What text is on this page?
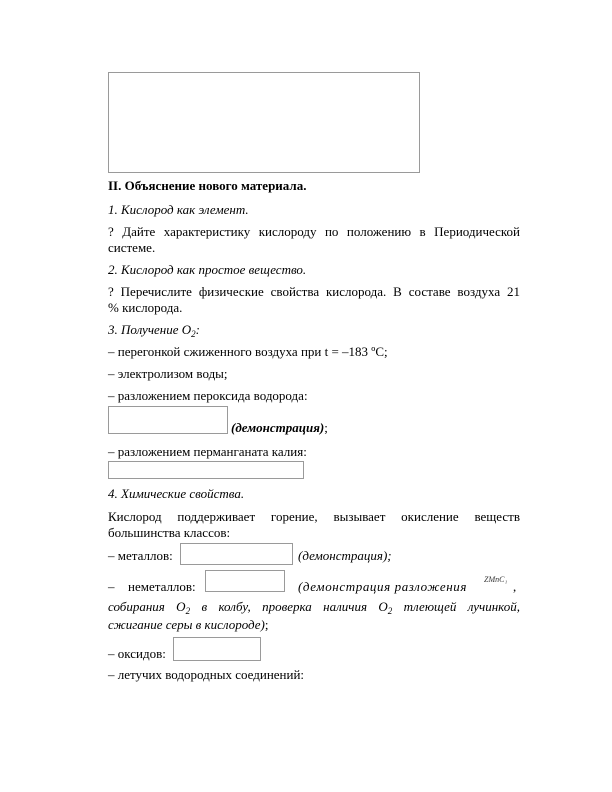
II. Объяснение нового материала.
1. Кислород как элемент.
? Дайте характеристику кислороду по положению в Периодической
системе.
2. Кислород как простое вещество.
? Перечислите физические свойства кислорода. В составе воздуха 21
% кислорода.
3. Получение $O_2$:
– перегонкой сжиженного воздуха при t = –183 ºC;
– электролизом воды;
– разложением пероксида водорода:
(демонстрация);
– разложением перманганата калия:
4. Химические свойства.
Кислород поддерживает горение, вызывает окисление веществ
большинства классов:
– металлов:	(демонстрация);
– неметаллов:	(демонстрация разложения ZMnC₁ ,
собирания $O_2$ в колбу, проверка наличия $O_2$ тлеющей лучинкой,
сжигание серы в кислороде);
– оксидов:
– летучих водородных соединений:
